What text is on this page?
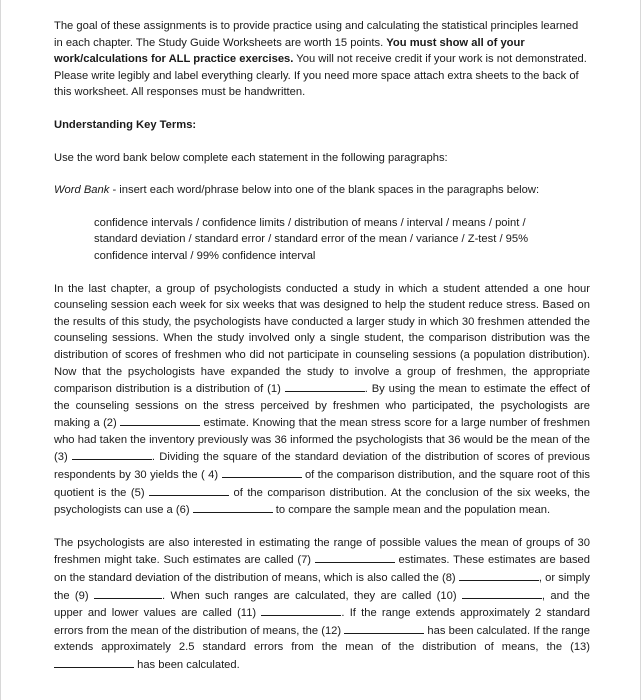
The goal of these assignments is to provide practice using and calculating the statistical principles learned in each chapter. The Study Guide Worksheets are worth 15 points. You must show all of your work/calculations for ALL practice exercises. You will not receive credit if your work is not demonstrated. Please write legibly and label everything clearly. If you need more space attach extra sheets to the back of this worksheet. All responses must be handwritten.

Understanding Key Terms:

Use the word bank below complete each statement in the following paragraphs:

Word Bank - insert each word/phrase below into one of the blank spaces in the paragraphs below:

confidence intervals / confidence limits / distribution of means / interval / means / point / standard deviation / standard error / standard error of the mean / variance / Z-test / 95% confidence interval / 99% confidence interval

In the last chapter, a group of psychologists conducted a study in which a student attended a one hour counseling session each week for six weeks that was designed to help the student reduce stress. Based on the results of this study, the psychologists have conducted a larger study in which 30 freshmen attended the counseling sessions. When the study involved only a single student, the comparison distribution was the distribution of scores of freshmen who did not participate in counseling sessions (a population distribution). Now that the psychologists have expanded the study to involve a group of freshmen, the appropriate comparison distribution is a distribution of (1)	. By using the mean to estimate the effect of the counseling sessions on the stress perceived by freshmen who participated, the psychologists are making a (2)	estimate. Knowing that the mean stress score for a large number of freshmen who had taken the inventory previously was 36 informed the psychologists that 36 would be the mean of the (3)	. Dividing the square of the standard deviation of the distribution of scores of previous respondents by 30 yields the ( 4)	of the comparison distribution, and the square root of this quotient is the (5)	of the comparison distribution. At the conclusion of the six weeks, the psychologists can use a (6)	to compare the sample mean and the population mean.

The psychologists are also interested in estimating the range of possible values the mean of groups of 30 freshmen might take. Such estimates are called (7)	estimates. These estimates are based on the standard deviation of the distribution of means, which is also called the (8)	, or simply the (9)	. When such ranges are calculated, they are called (10)	, and the upper and lower values are called (11)	. If the range extends approximately 2 standard errors from the mean of the distribution of means, the (12)	has been calculated. If the range extends approximately 2.5 standard errors from the mean of the distribution of means, the (13)  has been calculated.
